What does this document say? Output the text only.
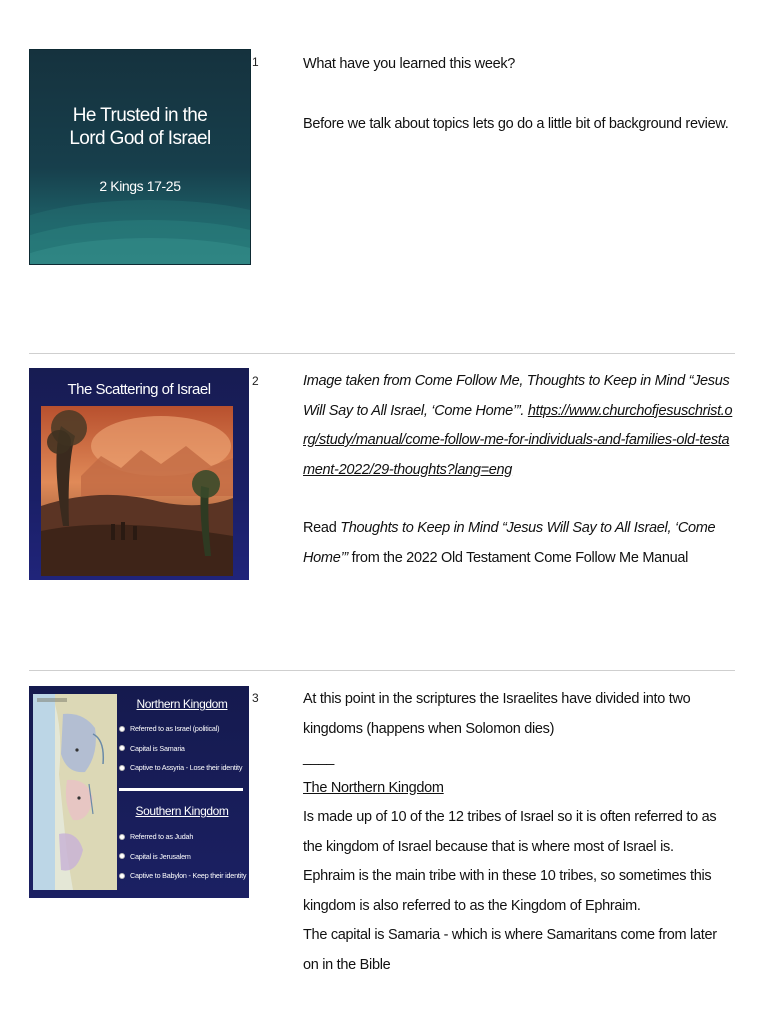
He Trusted in the
Lord God of Israel
2 Kings 17-25
1	What have you learned this week?

Before we talk about topics lets go do a little bit of background review.

The Scattering of Israel	2	Image taken from Come Follow Me, Thoughts to Keep in Mind “Jesus Will Say to All Israel, ‘Come Home’”. https://www.churchofjesuschrist.org/study/manual/come-follow-me-for-individuals-and-families-old-testament-2022/29-thoughts?lang=eng

Read Thoughts to Keep in Mind “Jesus Will Say to All Israel, ‘Come Home’” from the 2022 Old Testament Come Follow Me Manual

Northern Kingdom
Referred to as Israel (political)
Capital is Samaria
Captive to Assyria - Lose their identity
Southern Kingdom
Referred to as Judah
Capital is Jerusalem
Captive to Babylon - Keep their identity
3	At this point in the scriptures the Israelites have divided into two kingdoms (happens when Solomon dies)

____

The Northern Kingdom

Is made up of 10 of the 12 tribes of Israel so it is often referred to as the kingdom of Israel because that is where most of Israel is.

Ephraim is the main tribe with in these 10 tribes, so sometimes this kingdom is also referred to as the Kingdom of Ephraim.

The capital is Samaria - which is where Samaritans come from later on in the Bible
